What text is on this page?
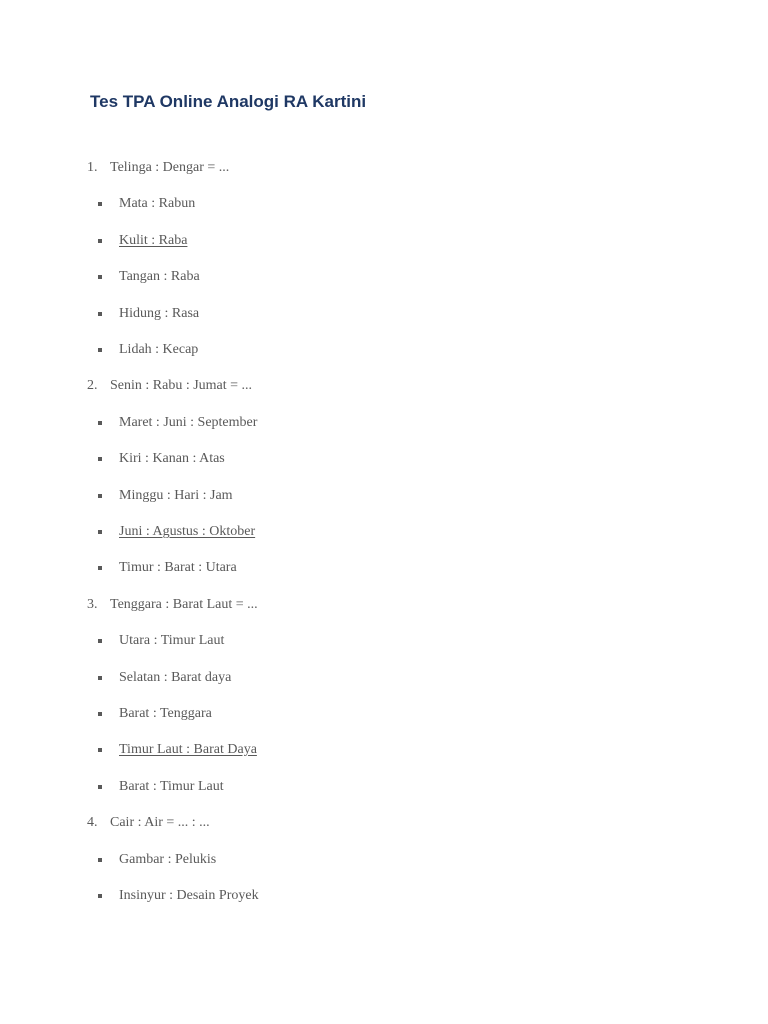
Tes TPA Online Analogi RA Kartini
1. Telinga : Dengar = ...
Mata : Rabun
Kulit : Raba
Tangan : Raba
Hidung : Rasa
Lidah : Kecap
2. Senin : Rabu : Jumat = ...
Maret : Juni : September
Kiri : Kanan : Atas
Minggu : Hari : Jam
Juni : Agustus : Oktober
Timur : Barat : Utara
3. Tenggara : Barat Laut = ...
Utara : Timur Laut
Selatan : Barat daya
Barat : Tenggara
Timur Laut : Barat Daya
Barat : Timur Laut
4. Cair : Air = ... : ...
Gambar : Pelukis
Insinyur : Desain Proyek
